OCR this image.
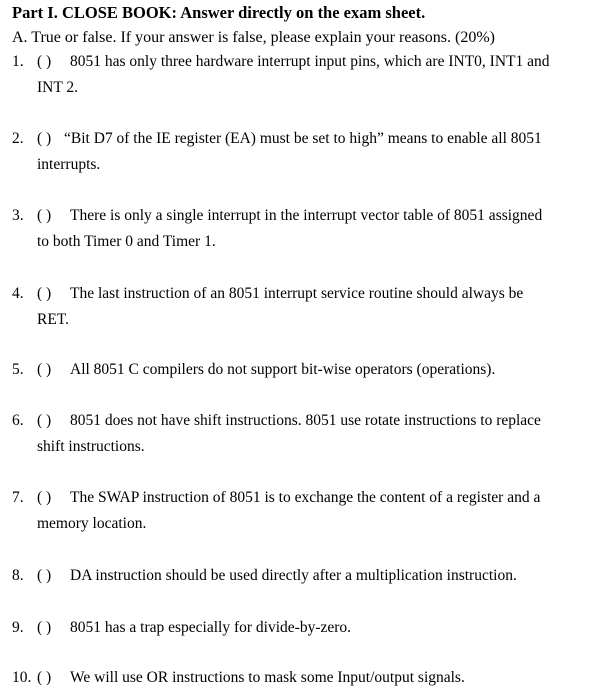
Part I. CLOSE BOOK: Answer directly on the exam sheet.
A. True or false. If your answer is false, please explain your reasons. (20%)
1. ( ) 8051 has only three hardware interrupt input pins, which are INT0, INT1 and
INT 2.
2. ( ) “Bit D7 of the IE register (EA) must be set to high” means to enable all 8051
interrupts.
3. ( ) There is only a single interrupt in the interrupt vector table of 8051 assigned
to both Timer 0 and Timer 1.
4. ( ) The last instruction of an 8051 interrupt service routine should always be
RET.
5. ( ) All 8051 C compilers do not support bit-wise operators (operations).
6. ( ) 8051 does not have shift instructions. 8051 use rotate instructions to replace
shift instructions.
7. ( ) The SWAP instruction of 8051 is to exchange the content of a register and a
memory location.
8. ( ) DA instruction should be used directly after a multiplication instruction.
9. ( ) 8051 has a trap especially for divide-by-zero.
10. ( ) We will use OR instructions to mask some Input/output signals.
